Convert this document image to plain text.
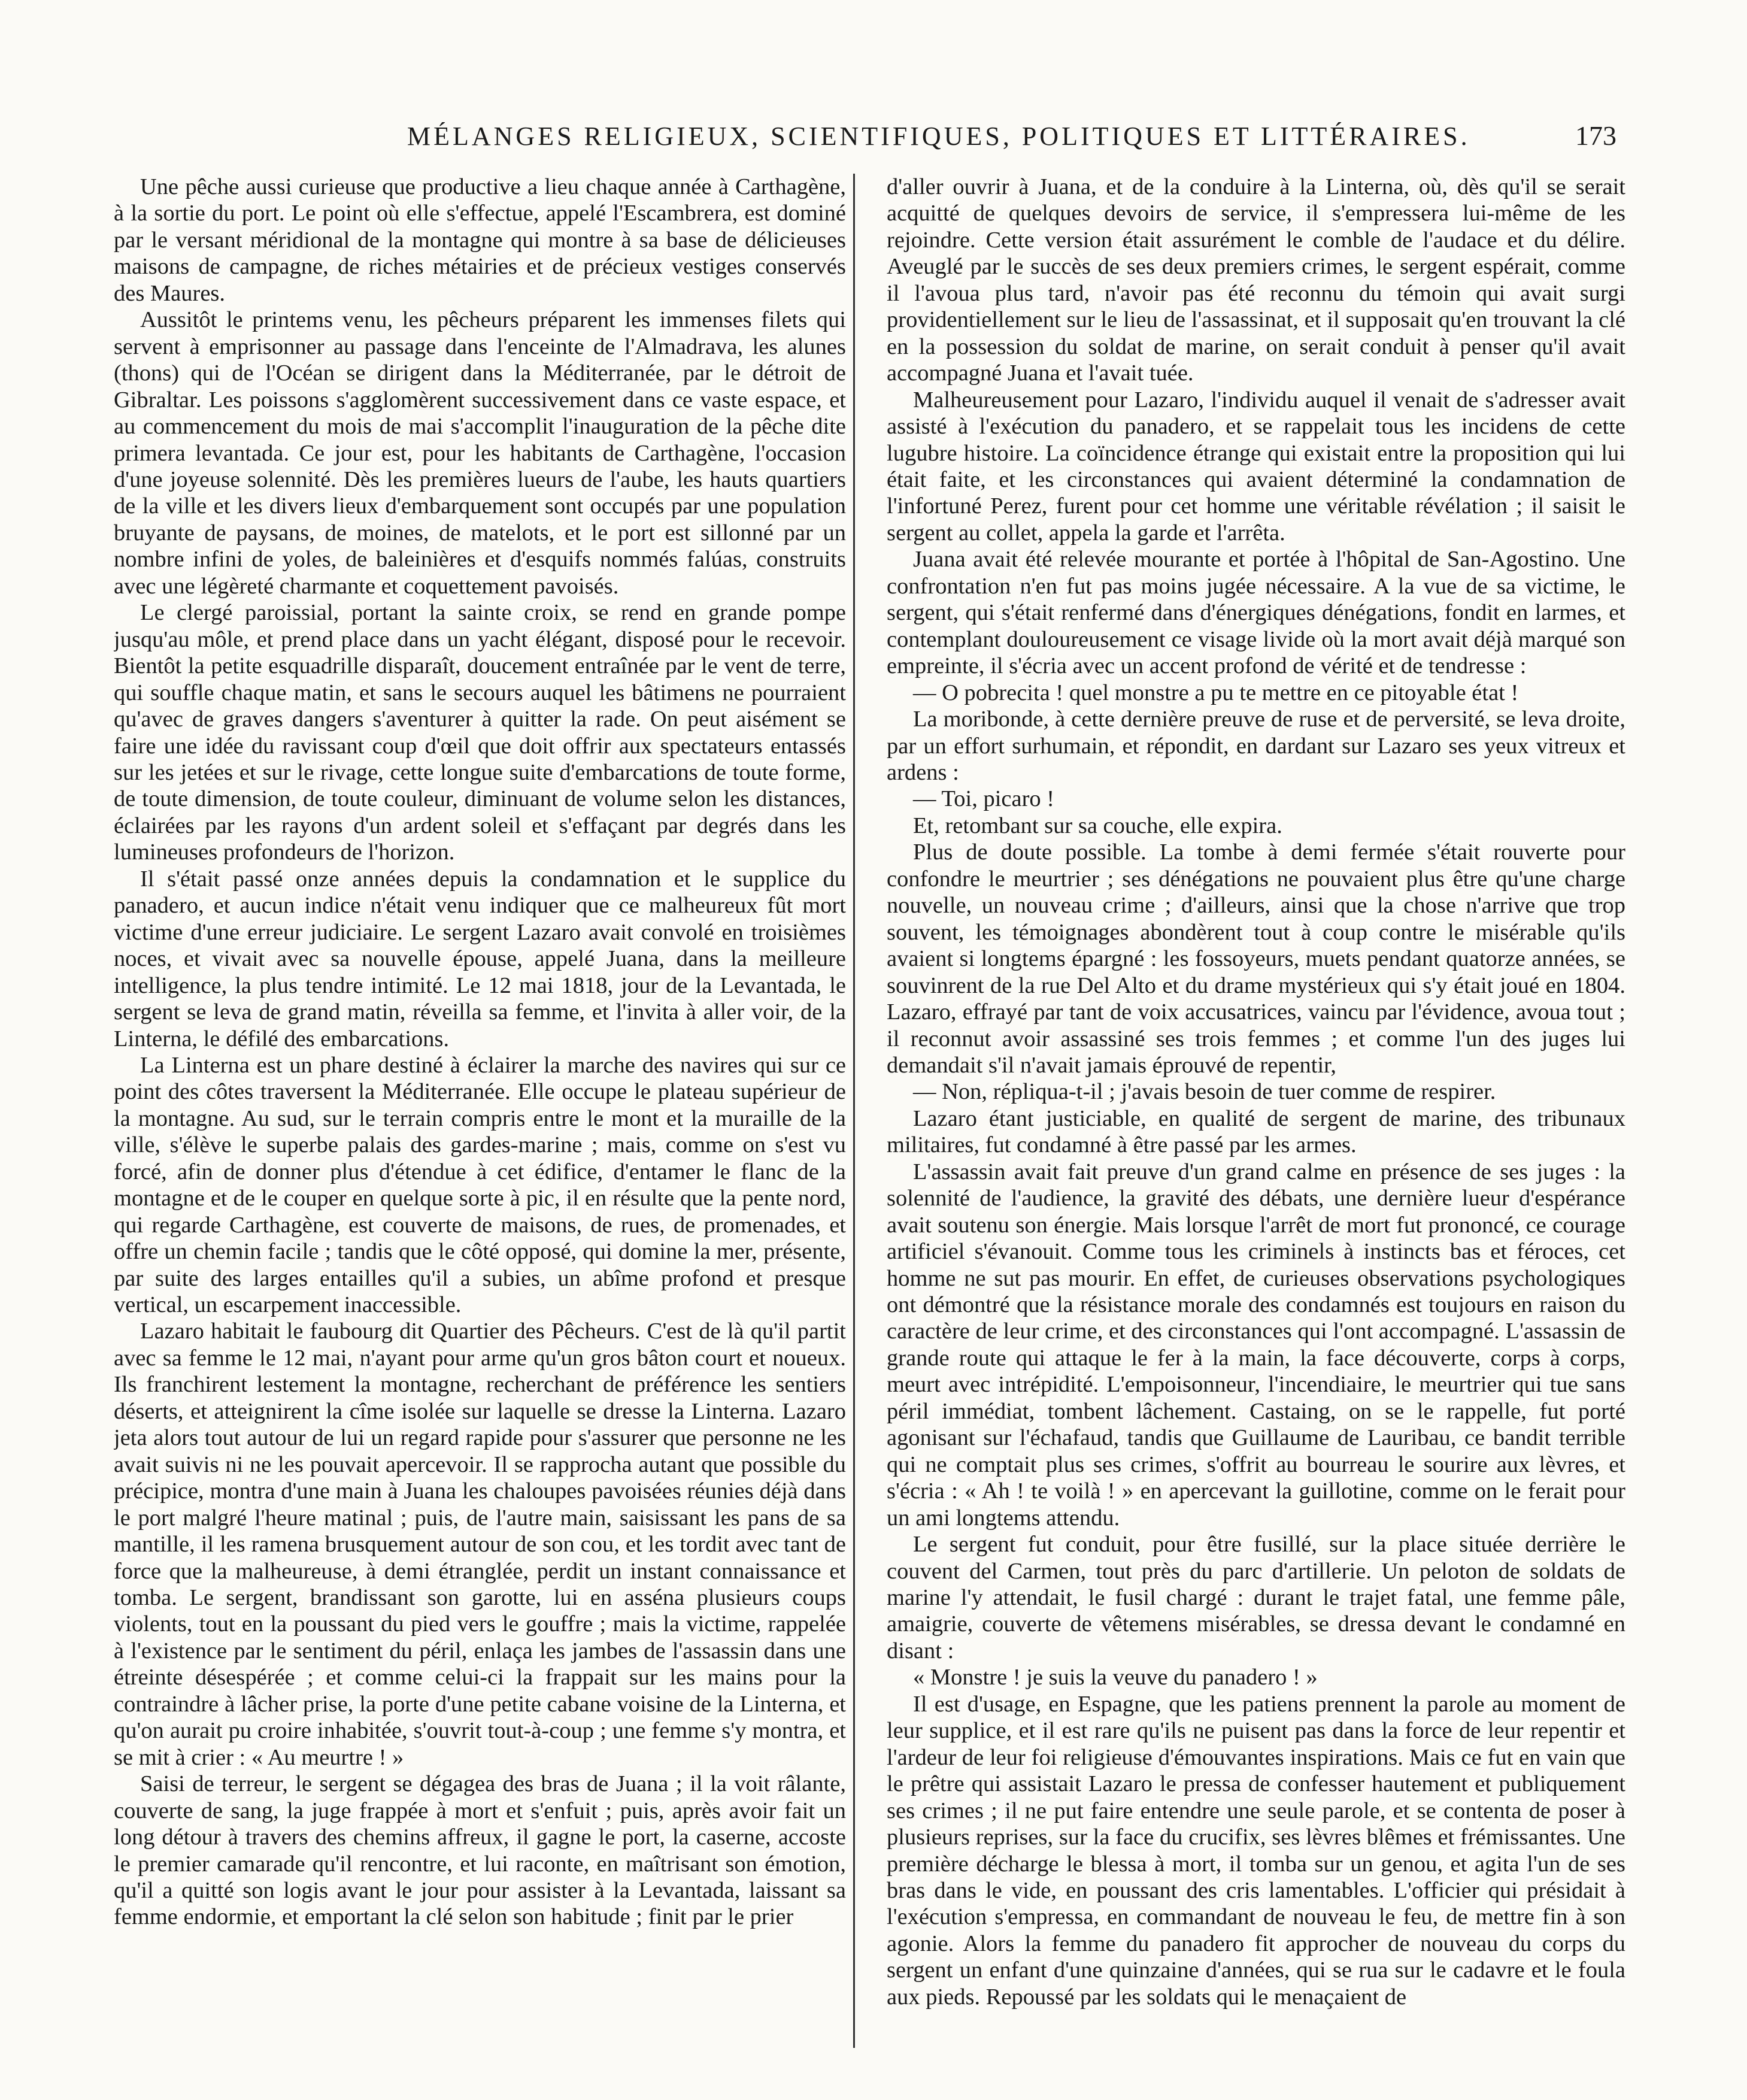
MÉLANGES RELIGIEUX, SCIENTIFIQUES, POLITIQUES ET LITTÉRAIRES.	173

Une pêche aussi curieuse que productive a lieu chaque année à Carthagène, à la sortie du port. Le point où elle s'effectue, appelé l'Escambrera, est dominé par le versant méridional de la montagne qui montre à sa base de délicieuses maisons de campagne, de riches métairies et de précieux vestiges conservés des Maures.

Aussitôt le printems venu, les pêcheurs préparent les immenses filets qui servent à emprisonner au passage dans l'enceinte de l'Almadrava, les alunes (thons) qui de l'Océan se dirigent dans la Méditerranée, par le détroit de Gibraltar. Les poissons s'agglomèrent successivement dans ce vaste espace, et au commencement du mois de mai s'accomplit l'inauguration de la pêche dite primera levantada. Ce jour est, pour les habitants de Carthagène, l'occasion d'une joyeuse solennité. Dès les premières lueurs de l'aube, les hauts quartiers de la ville et les divers lieux d'embarquement sont occupés par une population bruyante de paysans, de moines, de matelots, et le port est sillonné par un nombre infini de yoles, de baleinières et d'esquifs nommés falúas, construits avec une légèreté charmante et coquettement pavoisés.

Le clergé paroissial, portant la sainte croix, se rend en grande pompe jusqu'au môle, et prend place dans un yacht élégant, disposé pour le recevoir. Bientôt la petite esquadrille disparaît, doucement entraînée par le vent de terre, qui souffle chaque matin, et sans le secours auquel les bâtimens ne pourraient qu'avec de graves dangers s'aventurer à quitter la rade. On peut aisément se faire une idée du ravissant coup d'œil que doit offrir aux spectateurs entassés sur les jetées et sur le rivage, cette longue suite d'embarcations de toute forme, de toute dimension, de toute couleur, diminuant de volume selon les distances, éclairées par les rayons d'un ardent soleil et s'effaçant par degrés dans les lumineuses profondeurs de l'horizon.

Il s'était passé onze années depuis la condamnation et le supplice du panadero, et aucun indice n'était venu indiquer que ce malheureux fût mort victime d'une erreur judiciaire. Le sergent Lazaro avait convolé en troisièmes noces, et vivait avec sa nouvelle épouse, appelé Juana, dans la meilleure intelligence, la plus tendre intimité. Le 12 mai 1818, jour de la Levantada, le sergent se leva de grand matin, réveilla sa femme, et l'invita à aller voir, de la Linterna, le défilé des embarcations.

La Linterna est un phare destiné à éclairer la marche des navires qui sur ce point des côtes traversent la Méditerranée. Elle occupe le plateau supérieur de la montagne. Au sud, sur le terrain compris entre le mont et la muraille de la ville, s'élève le superbe palais des gardes-marine ; mais, comme on s'est vu forcé, afin de donner plus d'étendue à cet édifice, d'entamer le flanc de la montagne et de le couper en quelque sorte à pic, il en résulte que la pente nord, qui regarde Carthagène, est couverte de maisons, de rues, de promenades, et offre un chemin facile ; tandis que le côté opposé, qui domine la mer, présente, par suite des larges entailles qu'il a subies, un abîme profond et presque vertical, un escarpement inaccessible.

Lazaro habitait le faubourg dit Quartier des Pêcheurs. C'est de là qu'il partit avec sa femme le 12 mai, n'ayant pour arme qu'un gros bâton court et noueux. Ils franchirent lestement la montagne, recherchant de préférence les sentiers déserts, et atteignirent la cîme isolée sur laquelle se dresse la Linterna. Lazaro jeta alors tout autour de lui un regard rapide pour s'assurer que personne ne les avait suivis ni ne les pouvait apercevoir. Il se rapprocha autant que possible du précipice, montra d'une main à Juana les chaloupes pavoisées réunies déjà dans le port malgré l'heure matinal ; puis, de l'autre main, saisissant les pans de sa mantille, il les ramena brusquement autour de son cou, et les tordit avec tant de force que la malheureuse, à demi étranglée, perdit un instant connaissance et tomba. Le sergent, brandissant son garotte, lui en asséna plusieurs coups violents, tout en la poussant du pied vers le gouffre ; mais la victime, rappelée à l'existence par le sentiment du péril, enlaça les jambes de l'assassin dans une étreinte désespérée ; et comme celui-ci la frappait sur les mains pour la contraindre à lâcher prise, la porte d'une petite cabane voisine de la Linterna, et qu'on aurait pu croire inhabitée, s'ouvrit tout-à-coup ; une femme s'y montra, et se mit à crier : « Au meurtre ! »

Saisi de terreur, le sergent se dégagea des bras de Juana ; il la voit râlante, couverte de sang, la juge frappée à mort et s'enfuit ; puis, après avoir fait un long détour à travers des chemins affreux, il gagne le port, la caserne, accoste le premier camarade qu'il rencontre, et lui raconte, en maîtrisant son émotion, qu'il a quitté son logis avant le jour pour assister à la Levantada, laissant sa femme endormie, et emportant la clé selon son habitude ; finit par le prier

d'aller ouvrir à Juana, et de la conduire à la Linterna, où, dès qu'il se serait acquitté de quelques devoirs de service, il s'empressera lui-même de les rejoindre. Cette version était assurément le comble de l'audace et du délire. Aveuglé par le succès de ses deux premiers crimes, le sergent espérait, comme il l'avoua plus tard, n'avoir pas été reconnu du témoin qui avait surgi providentiellement sur le lieu de l'assassinat, et il supposait qu'en trouvant la clé en la possession du soldat de marine, on serait conduit à penser qu'il avait accompagné Juana et l'avait tuée.

Malheureusement pour Lazaro, l'individu auquel il venait de s'adresser avait assisté à l'exécution du panadero, et se rappelait tous les incidens de cette lugubre histoire. La coïncidence étrange qui existait entre la proposition qui lui était faite, et les circonstances qui avaient déterminé la condamnation de l'infortuné Perez, furent pour cet homme une véritable révélation ; il saisit le sergent au collet, appela la garde et l'arrêta.

Juana avait été relevée mourante et portée à l'hôpital de San-Agostino. Une confrontation n'en fut pas moins jugée nécessaire. A la vue de sa victime, le sergent, qui s'était renfermé dans d'énergiques dénégations, fondit en larmes, et contemplant douloureusement ce visage livide où la mort avait déjà marqué son empreinte, il s'écria avec un accent profond de vérité et de tendresse :

— O pobrecita ! quel monstre a pu te mettre en ce pitoyable état !

La moribonde, à cette dernière preuve de ruse et de perversité, se leva droite, par un effort surhumain, et répondit, en dardant sur Lazaro ses yeux vitreux et ardens :

— Toi, picaro !

Et, retombant sur sa couche, elle expira.

Plus de doute possible. La tombe à demi fermée s'était rouverte pour confondre le meurtrier ; ses dénégations ne pouvaient plus être qu'une charge nouvelle, un nouveau crime ; d'ailleurs, ainsi que la chose n'arrive que trop souvent, les témoignages abondèrent tout à coup contre le misérable qu'ils avaient si longtems épargné : les fossoyeurs, muets pendant quatorze années, se souvinrent de la rue Del Alto et du drame mystérieux qui s'y était joué en 1804. Lazaro, effrayé par tant de voix accusatrices, vaincu par l'évidence, avoua tout ; il reconnut avoir assassiné ses trois femmes ; et comme l'un des juges lui demandait s'il n'avait jamais éprouvé de repentir,

— Non, répliqua-t-il ; j'avais besoin de tuer comme de respirer.

Lazaro étant justiciable, en qualité de sergent de marine, des tribunaux militaires, fut condamné à être passé par les armes.

L'assassin avait fait preuve d'un grand calme en présence de ses juges : la solennité de l'audience, la gravité des débats, une dernière lueur d'espérance avait soutenu son énergie. Mais lorsque l'arrêt de mort fut prononcé, ce courage artificiel s'évanouit. Comme tous les criminels à instincts bas et féroces, cet homme ne sut pas mourir. En effet, de curieuses observations psychologiques ont démontré que la résistance morale des condamnés est toujours en raison du caractère de leur crime, et des circonstances qui l'ont accompagné. L'assassin de grande route qui attaque le fer à la main, la face découverte, corps à corps, meurt avec intrépidité. L'empoisonneur, l'incendiaire, le meurtrier qui tue sans péril immédiat, tombent lâchement. Castaing, on se le rappelle, fut porté agonisant sur l'échafaud, tandis que Guillaume de Lauribau, ce bandit terrible qui ne comptait plus ses crimes, s'offrit au bourreau le sourire aux lèvres, et s'écria : « Ah ! te voilà ! » en apercevant la guillotine, comme on le ferait pour un ami longtems attendu.

Le sergent fut conduit, pour être fusillé, sur la place située derrière le couvent del Carmen, tout près du parc d'artillerie. Un peloton de soldats de marine l'y attendait, le fusil chargé : durant le trajet fatal, une femme pâle, amaigrie, couverte de vêtemens misérables, se dressa devant le condamné en disant :

« Monstre ! je suis la veuve du panadero ! »

Il est d'usage, en Espagne, que les patiens prennent la parole au moment de leur supplice, et il est rare qu'ils ne puisent pas dans la force de leur repentir et l'ardeur de leur foi religieuse d'émouvantes inspirations. Mais ce fut en vain que le prêtre qui assistait Lazaro le pressa de confesser hautement et publiquement ses crimes ; il ne put faire entendre une seule parole, et se contenta de poser à plusieurs reprises, sur la face du crucifix, ses lèvres blêmes et frémissantes. Une première décharge le blessa à mort, il tomba sur un genou, et agita l'un de ses bras dans le vide, en poussant des cris lamentables. L'officier qui présidait à l'exécution s'empressa, en commandant de nouveau le feu, de mettre fin à son agonie. Alors la femme du panadero fit approcher de nouveau du corps du sergent un enfant d'une quinzaine d'années, qui se rua sur le cadavre et le foula aux pieds. Repoussé par les soldats qui le menaçaient de
